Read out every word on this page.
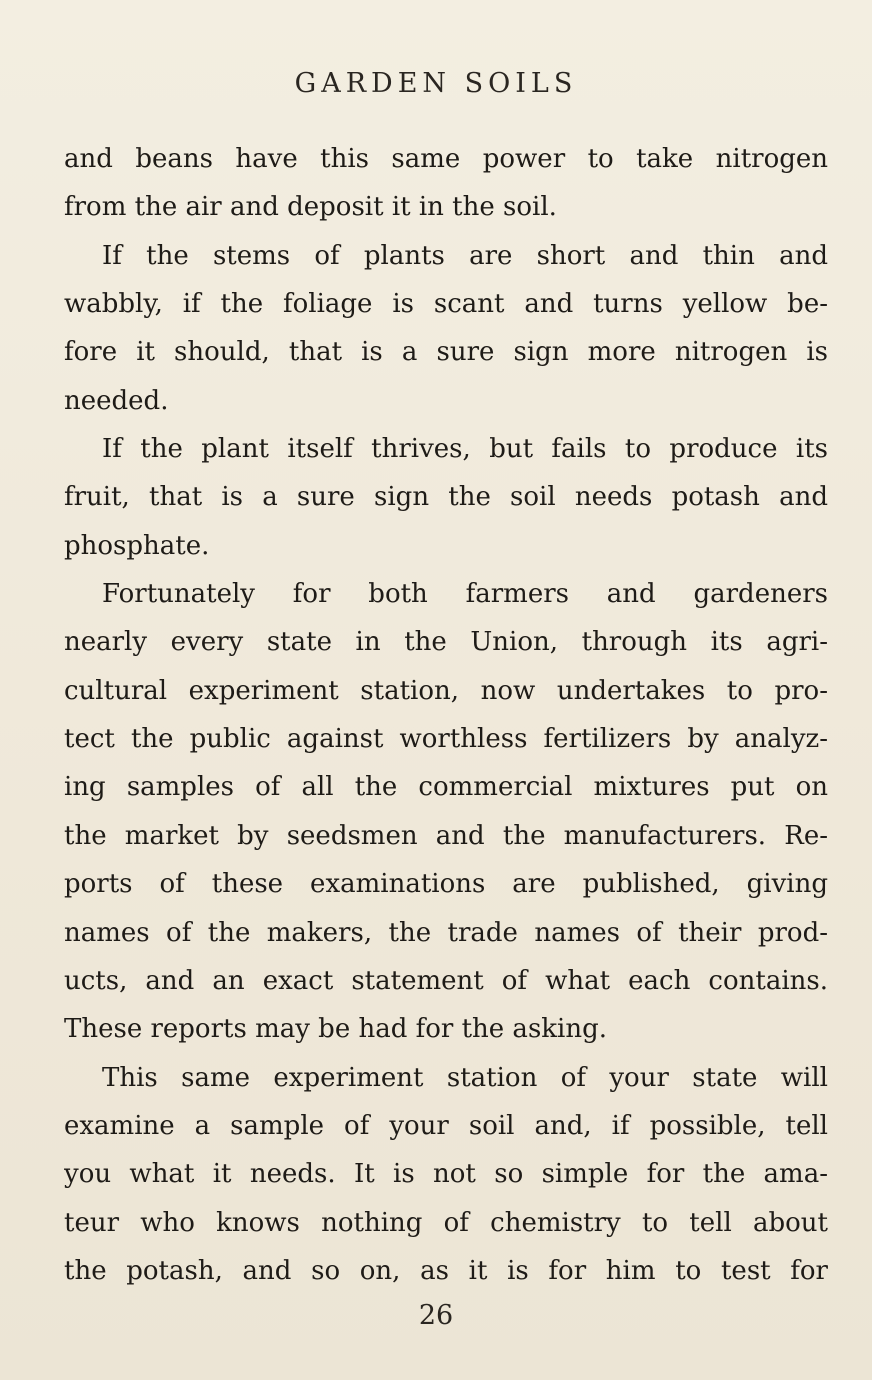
GARDEN SOILS
and beans have this same power to take nitrogen
from the air and deposit it in the soil.
If the stems of plants are short and thin and
wabbly, if the foliage is scant and turns yellow be-
fore it should, that is a sure sign more nitrogen is
needed.
If the plant itself thrives, but fails to produce its
fruit, that is a sure sign the soil needs potash and
phosphate.
Fortunately for both farmers and gardeners
nearly every state in the Union, through its agri-
cultural experiment station, now undertakes to pro-
tect the public against worthless fertilizers by analyz-
ing samples of all the commercial mixtures put on
the market by seedsmen and the manufacturers. Re-
ports of these examinations are published, giving
names of the makers, the trade names of their prod-
ucts, and an exact statement of what each contains.
These reports may be had for the asking.
This same experiment station of your state will
examine a sample of your soil and, if possible, tell
you what it needs. It is not so simple for the ama-
teur who knows nothing of chemistry to tell about
the potash, and so on, as it is for him to test for
26
